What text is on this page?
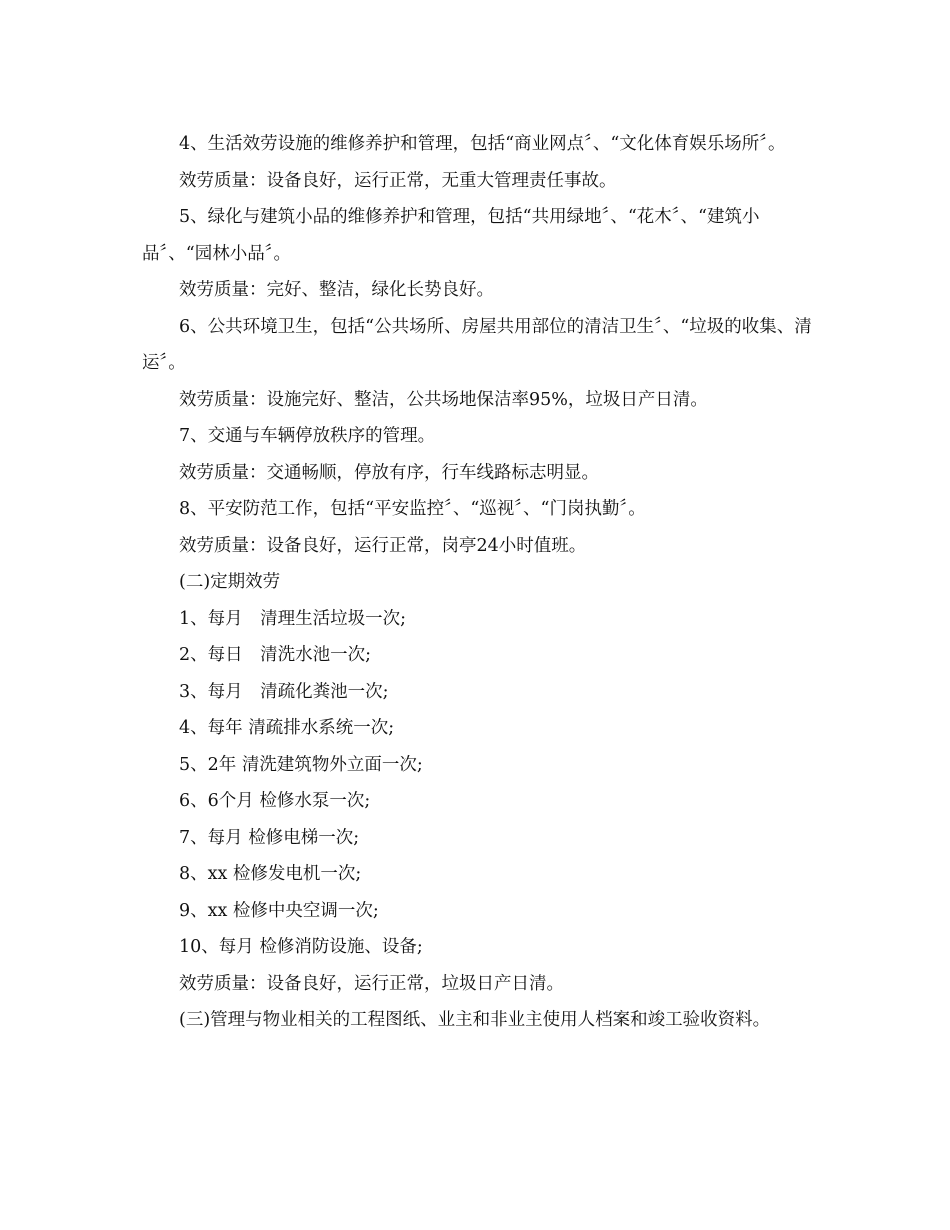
4、生活效劳设施的维修养护和管理，包括“商业网点〞、“文化体育娱乐场所〞。

效劳质量：设备良好，运行正常，无重大管理责任事故。

5、绿化与建筑小品的维修养护和管理，包括“共用绿地〞、“花木〞、“建筑小品〞、“园林小品〞。

效劳质量：完好、整洁，绿化长势良好。

6、公共环境卫生，包括“公共场所、房屋共用部位的清洁卫生〞、“垃圾的收集、清运〞。

效劳质量：设施完好、整洁，公共场地保洁率95%，垃圾日产日清。

7、交通与车辆停放秩序的管理。

效劳质量：交通畅顺，停放有序，行车线路标志明显。

8、平安防范工作，包括“平安监控〞、“巡视〞、“门岗执勤〞。

效劳质量：设备良好，运行正常，岗亭24小时值班。

(二)定期效劳

1、每月　清理生活垃圾一次;

2、每日　清洗水池一次;

3、每月　清疏化粪池一次;

4、每年 清疏排水系统一次;

5、2年 清洗建筑物外立面一次;

6、6个月 检修水泵一次;

7、每月 检修电梯一次;

8、xx 检修发电机一次;

9、xx 检修中央空调一次;

10、每月 检修消防设施、设备;

效劳质量：设备良好，运行正常，垃圾日产日清。

(三)管理与物业相关的工程图纸、业主和非业主使用人档案和竣工验收资料。
